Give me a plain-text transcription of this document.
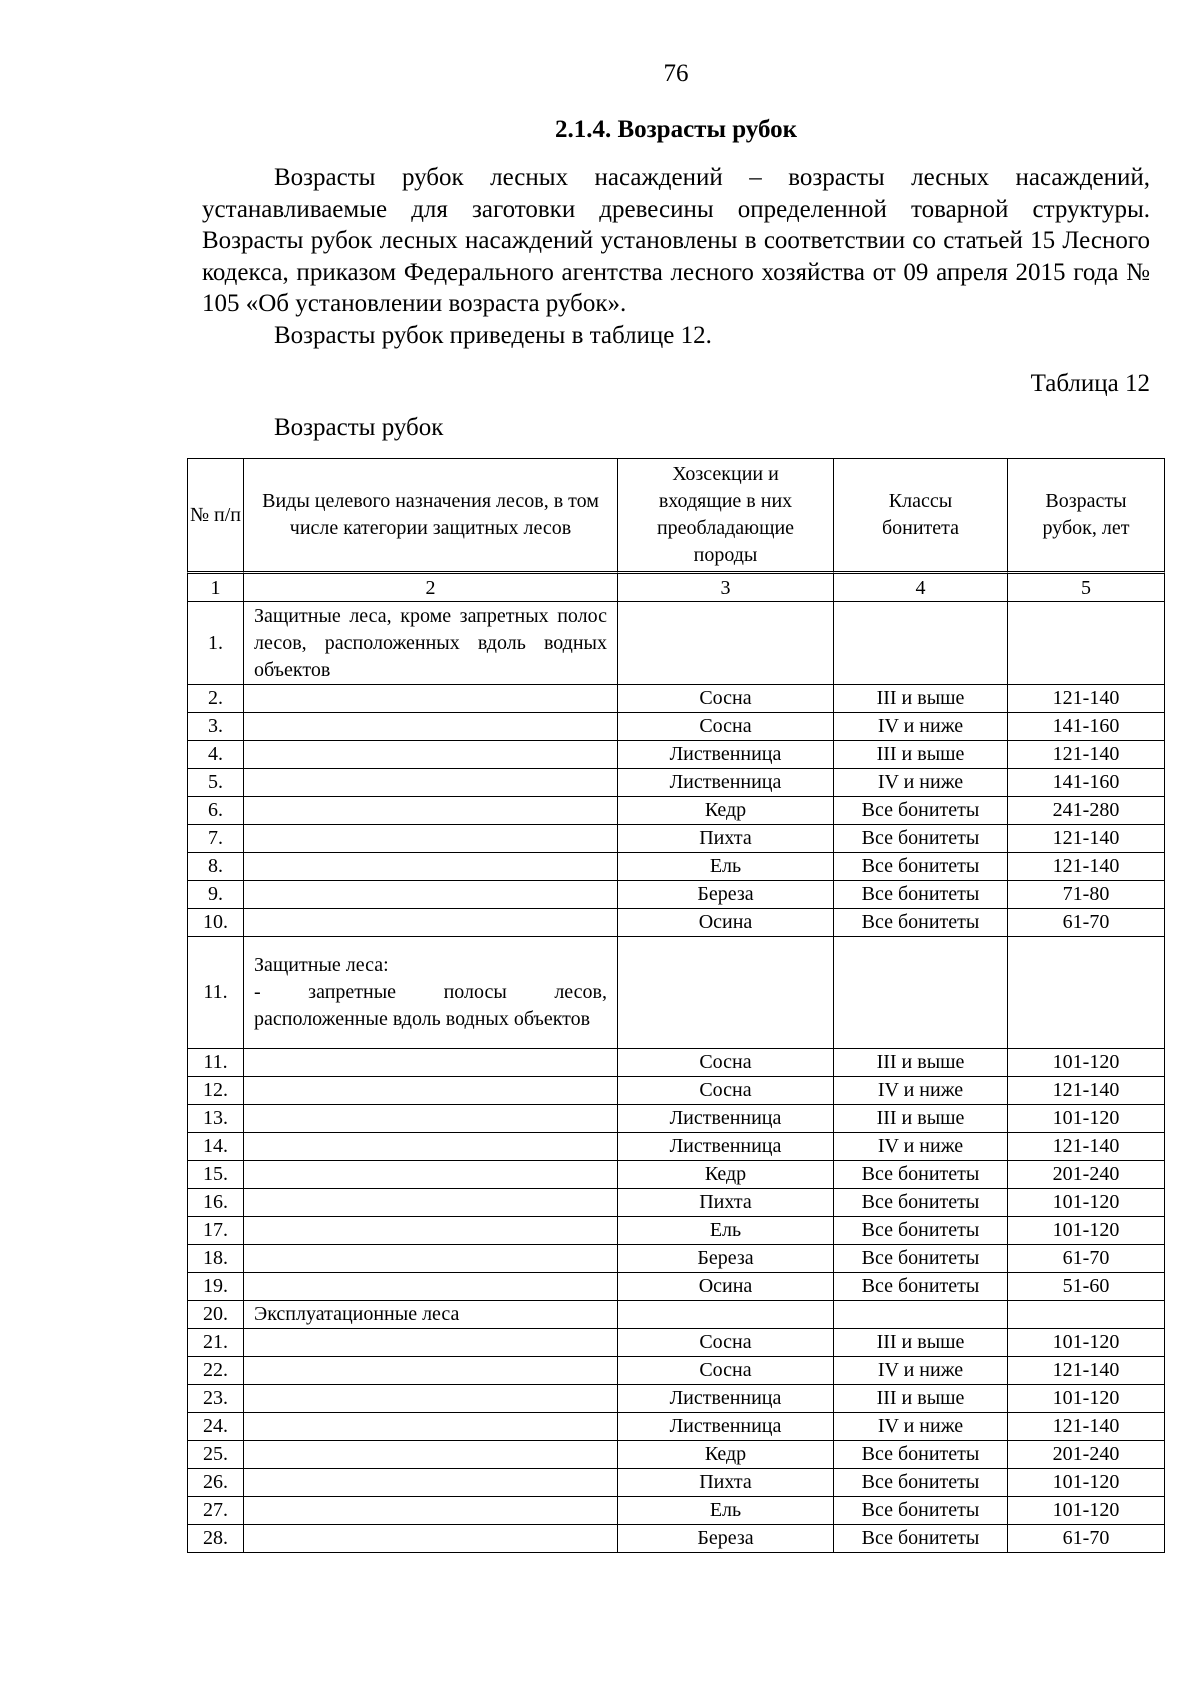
76
2.1.4. Возрасты рубок

Возрасты рубок лесных насаждений – возрасты лесных насаждений, устанавливаемые для заготовки древесины определенной товарной структуры. Возрасты рубок лесных насаждений установлены в соответствии со статьей 15 Лесного кодекса, приказом Федерального агентства лесного хозяйства от 09 апреля 2015 года № 105 «Об установлении возраста рубок».

Возрасты рубок приведены в таблице 12.

Таблица 12
Возрасты рубок
№ п/п	Виды целевого назначения лесов, в том числе категории защитных лесов	Хозсекции и входящие в них преобладающие породы	Классы бонитета	Возрасты рубок, лет
1	2	3	4	5
1.	Защитные леса, кроме запретных полос лесов, расположенных вдоль водных объектов			
2.		Сосна	III и выше	121-140
3.		Сосна	IV и ниже	141-160
4.		Лиственница	III и выше	121-140
5.		Лиственница	IV и ниже	141-160
6.		Кедр	Все бонитеты	241-280
7.		Пихта	Все бонитеты	121-140
8.		Ель	Все бонитеты	121-140
9.		Береза	Все бонитеты	71-80
10.		Осина	Все бонитеты	61-70
11.	Защитные леса:
- запретные полосы лесов, расположенные вдоль водных объектов			
11.		Сосна	III и выше	101-120
12.		Сосна	IV и ниже	121-140
13.		Лиственница	III и выше	101-120
14.		Лиственница	IV и ниже	121-140
15.		Кедр	Все бонитеты	201-240
16.		Пихта	Все бонитеты	101-120
17.		Ель	Все бонитеты	101-120
18.		Береза	Все бонитеты	61-70
19.		Осина	Все бонитеты	51-60
20.	Эксплуатационные леса			
21.		Сосна	III и выше	101-120
22.		Сосна	IV и ниже	121-140
23.		Лиственница	III и выше	101-120
24.		Лиственница	IV и ниже	121-140
25.		Кедр	Все бонитеты	201-240
26.		Пихта	Все бонитеты	101-120
27.		Ель	Все бонитеты	101-120
28.		Береза	Все бонитеты	61-70
